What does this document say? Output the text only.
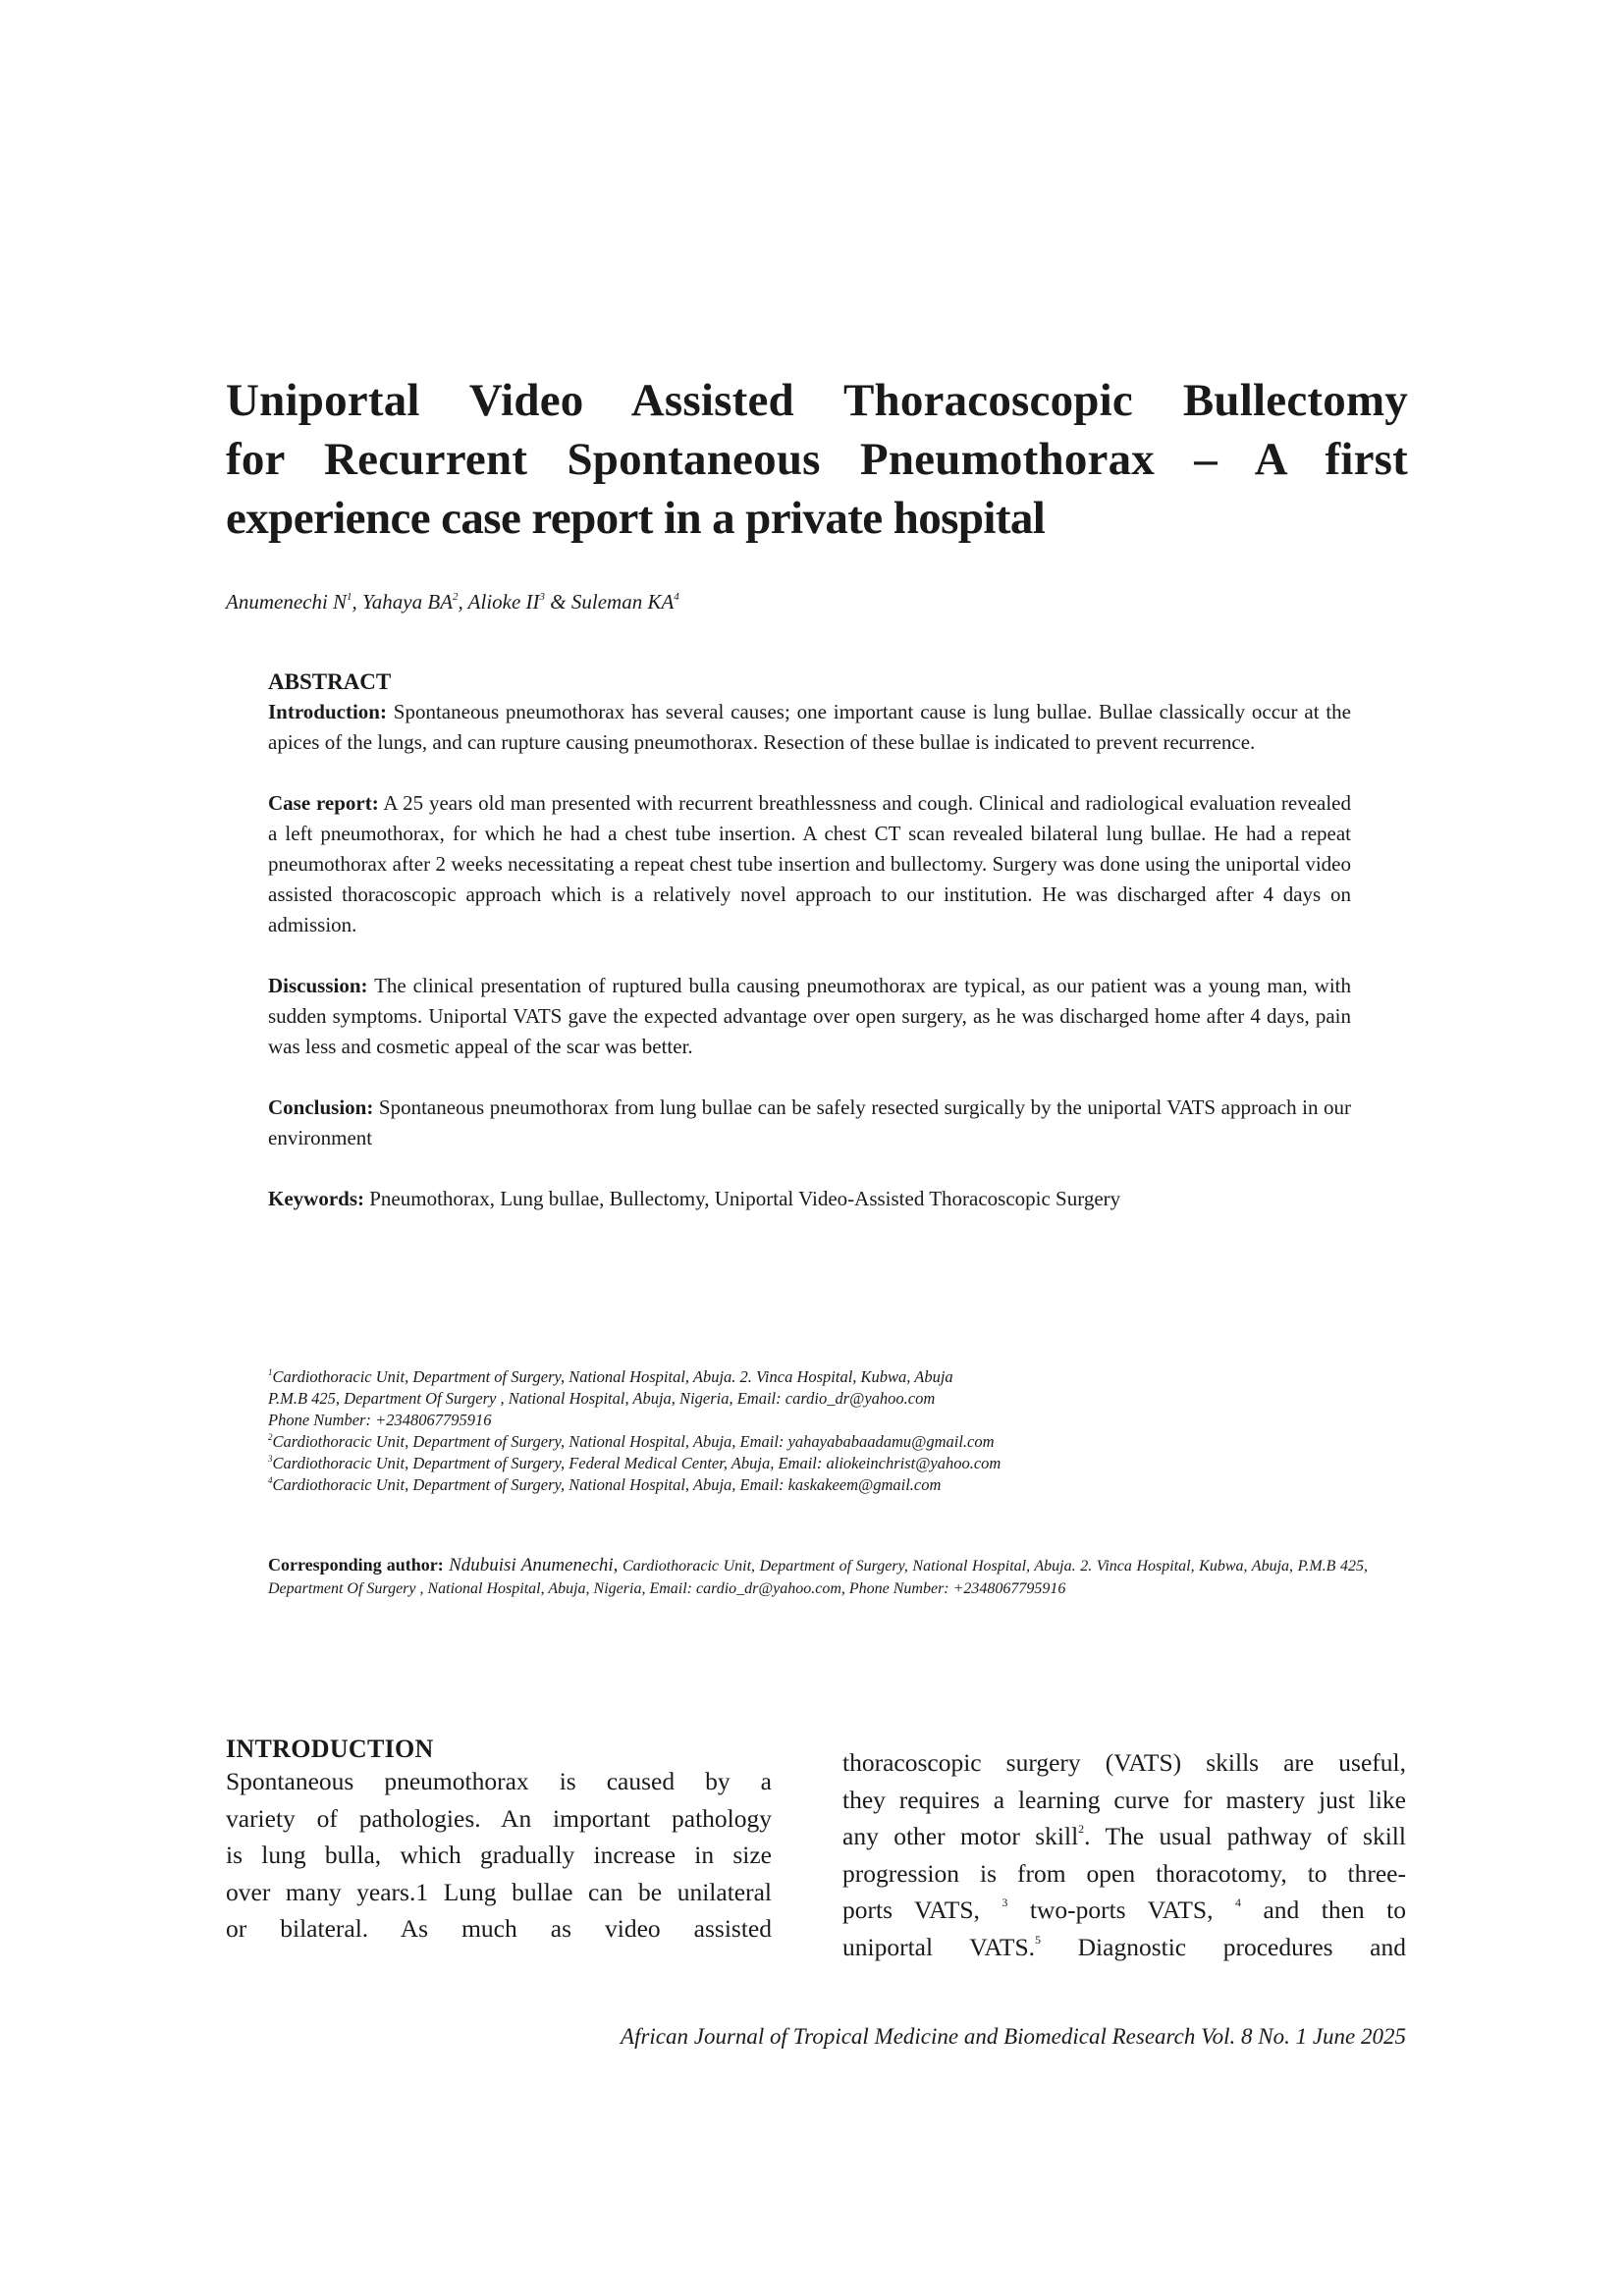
Uniportal Video Assisted Thoracoscopic Bullectomy
for Recurrent Spontaneous Pneumothorax – A first
experience case report in a private hospital
Anumenechi $N^1$, Yahaya $BA^2$, Alioke $II^3$ & Suleman $KA^4$
ABSTRACT

Introduction: Spontaneous pneumothorax has several causes; one important cause is lung bullae. Bullae classically occur at the apices of the lungs, and can rupture causing pneumothorax. Resection of these bullae is indicated to prevent recurrence.

Case report: A 25 years old man presented with recurrent breathlessness and cough. Clinical and radiological evaluation revealed a left pneumothorax, for which he had a chest tube insertion. A chest CT scan revealed bilateral lung bullae. He had a repeat pneumothorax after 2 weeks necessitating a repeat chest tube insertion and bullectomy. Surgery was done using the uniportal video assisted thoracoscopic approach which is a relatively novel approach to our institution. He was discharged after 4 days on admission.

Discussion: The clinical presentation of ruptured bulla causing pneumothorax are typical, as our patient was a young man, with sudden symptoms. Uniportal VATS gave the expected advantage over open surgery, as he was discharged home after 4 days, pain was less and cosmetic appeal of the scar was better.

Conclusion: Spontaneous pneumothorax from lung bullae can be safely resected surgically by the uniportal VATS approach in our environment

Keywords: Pneumothorax, Lung bullae, Bullectomy, Uniportal Video-Assisted Thoracoscopic Surgery

$^1$Cardiothoracic Unit, Department of Surgery, National Hospital, Abuja. 2. Vinca Hospital, Kubwa, Abuja
P.M.B 425, Department Of Surgery , National Hospital, Abuja, Nigeria, Email: cardio_dr@yahoo.com
Phone Number: +2348067795916
$^2$Cardiothoracic Unit, Department of Surgery, National Hospital, Abuja, Email: yahayababaadamu@gmail.com
$^3$Cardiothoracic Unit, Department of Surgery, Federal Medical Center, Abuja, Email: aliokeinchrist@yahoo.com
$^4$Cardiothoracic Unit, Department of Surgery, National Hospital, Abuja, Email: kaskakeem@gmail.com
Corresponding author: Ndubuisi Anumenechi, Cardiothoracic Unit, Department of Surgery, National Hospital, Abuja. 2. Vinca Hospital, Kubwa, Abuja, P.M.B 425, Department Of Surgery , National Hospital, Abuja, Nigeria, Email: cardio_dr@yahoo.com, Phone Number: +2348067795916
INTRODUCTION

Spontaneous pneumothorax is caused by a

variety of pathologies. An important pathology

is lung bulla, which gradually increase in size

over many years.1 Lung bullae can be unilateral

or bilateral. As much as video assisted

thoracoscopic surgery (VATS) skills are useful,

they requires a learning curve for mastery just like

any other motor skill$^2$. The usual pathway of skill

progression is from open thoracotomy, to three-

ports VATS, $^3$ two-ports VATS, $^4$ and then to

uniportal VATS.$^5$ Diagnostic procedures and

African Journal of Tropical Medicine and Biomedical Research Vol. 8 No. 1 June 2025
